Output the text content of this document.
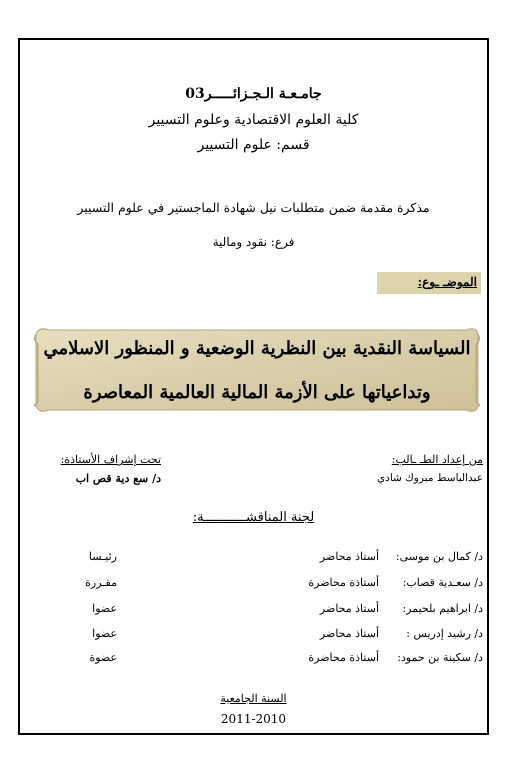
جامـعـة الـجـزائـــــر03
كلية العلوم الاقتصادية وعلوم التسيير
قسم: علوم التسيير
مذكرة مقدمة ضمن متطلبات نيل شهادة الماجستير في علوم التسيير
فرع: نقود ومالية
الموضـ ـوع:
السياسة النقدية بين النظرية الوضعية و المنظور الاسلامي
وتداعياتها على الأزمة المالية العالمية المعاصرة
من إعداد الطـ ـالب:
عبدالباسط مبروك شادي
تحت إشراف الأستاذة:
د/ سع دية قص اب
لجنة المناقشـــــــــــة:
د/ كمال بن موسى:
أستاذ محاضر
رئيـسا
د/ سعـدية قصاب:
أستاذة محاضرة
مقـررة
د/ ابراهيم بلحيمر:
أستاذ محاضر
عضوا
د/ رشيد إدريس :
أستاذ محاضر
عضوا
د/ سكينة بن حمود:
أستاذة محاضرة
عضوة
السنة الجامعية
2011-2010
